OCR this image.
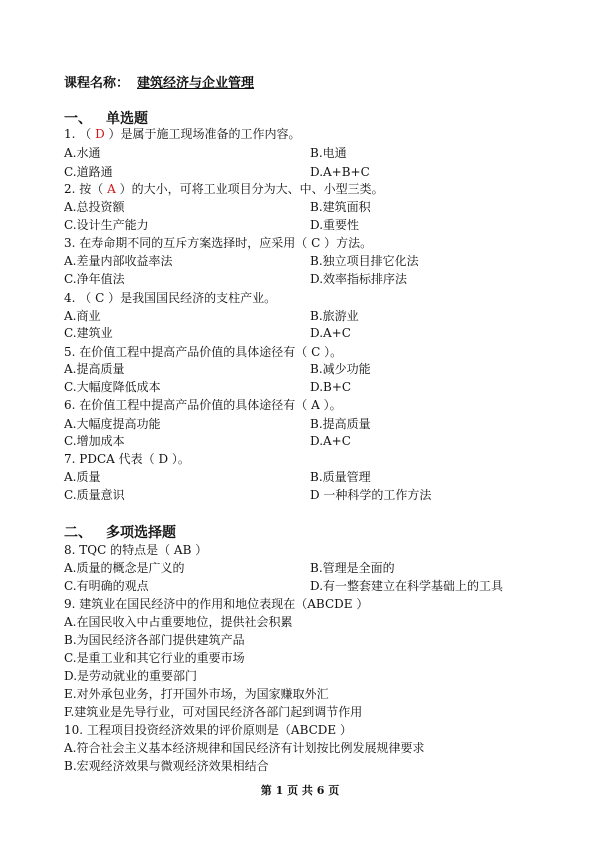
课程名称： 建筑经济与企业管理
一、 单选题
1. （ D ）是属于施工现场准备的工作内容。
A.水通	B.电通
C.道路通	D.A+B+C
2. 按（ A ）的大小，可将工业项目分为大、中、小型三类。
A.总投资额	B.建筑面积
C.设计生产能力	D.重要性
3. 在寿命期不同的互斥方案选择时，应采用（ C ）方法。
A.差量内部收益率法	B.独立项目排它化法
C.净年值法	D.效率指标排序法
4. （ C ）是我国国民经济的支柱产业。
A.商业	B.旅游业
C.建筑业	D.A+C
5. 在价值工程中提高产品价值的具体途径有（ C ）。
A.提高质量	B.减少功能
C.大幅度降低成本	D.B+C
6. 在价值工程中提高产品价值的具体途径有（ A ）。
A.大幅度提高功能	B.提高质量
C.增加成本	D.A+C
7. PDCA 代表（ D ）。
A.质量	B.质量管理
C.质量意识	D 一种科学的工作方法
二、 多项选择题
8. TQC 的特点是（ AB ）
A.质量的概念是广义的	B.管理是全面的
C.有明确的观点	D.有一整套建立在科学基础上的工具
9. 建筑业在国民经济中的作用和地位表现在（ABCDE ）
A.在国民收入中占重要地位，提供社会积累
B.为国民经济各部门提供建筑产品
C.是重工业和其它行业的重要市场
D.是劳动就业的重要部门
E.对外承包业务，打开国外市场，为国家赚取外汇
F.建筑业是先导行业，可对国民经济各部门起到调节作用
10. 工程项目投资经济效果的评价原则是（ABCDE ）
A.符合社会主义基本经济规律和国民经济有计划按比例发展规律要求
B.宏观经济效果与微观经济效果相结合
第 1 页 共 6 页
